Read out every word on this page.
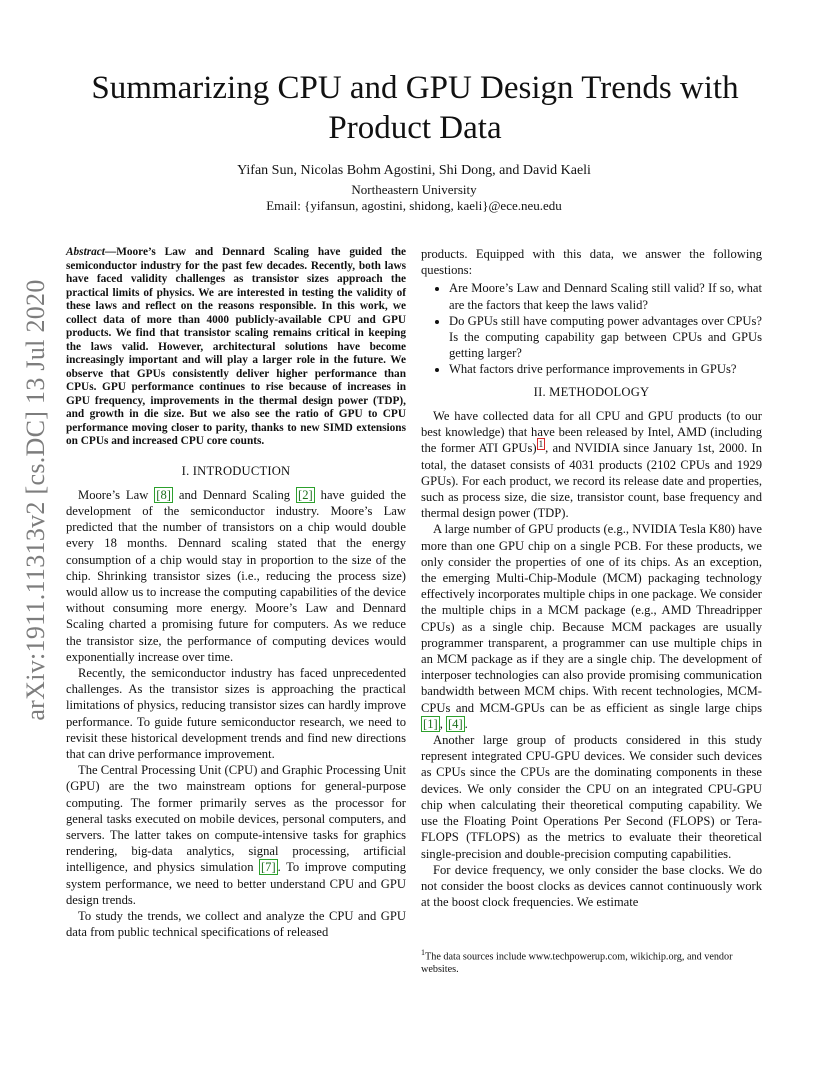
arXiv:1911.11313v2 [cs.DC] 13 Jul 2020
Summarizing CPU and GPU Design Trends with Product Data
Yifan Sun, Nicolas Bohm Agostini, Shi Dong, and David Kaeli
Northeastern University
Email: {yifansun, agostini, shidong, kaeli}@ece.neu.edu

Abstract—Moore’s Law and Dennard Scaling have guided the semiconductor industry for the past few decades. Recently, both laws have faced validity challenges as transistor sizes approach the practical limits of physics. We are interested in testing the validity of these laws and reflect on the reasons responsible. In this work, we collect data of more than 4000 publicly-available CPU and GPU products. We find that transistor scaling remains critical in keeping the laws valid. However, architectural solutions have become increasingly important and will play a larger role in the future. We observe that GPUs consistently deliver higher performance than CPUs. GPU performance continues to rise because of increases in GPU frequency, improvements in the thermal design power (TDP), and growth in die size. But we also see the ratio of GPU to CPU performance moving closer to parity, thanks to new SIMD extensions on CPUs and increased CPU core counts.

I. INTRODUCTION

Moore’s Law [8] and Dennard Scaling [2] have guided the development of the semiconductor industry. Moore’s Law predicted that the number of transistors on a chip would double every 18 months. Dennard scaling stated that the energy consumption of a chip would stay in proportion to the size of the chip. Shrinking transistor sizes (i.e., reducing the process size) would allow us to increase the computing capabilities of the device without consuming more energy. Moore’s Law and Dennard Scaling charted a promising future for computers. As we reduce the transistor size, the performance of computing devices would exponentially increase over time.

Recently, the semiconductor industry has faced unprecedented challenges. As the transistor sizes is approaching the practical limitations of physics, reducing transistor sizes can hardly improve performance. To guide future semiconductor research, we need to revisit these historical development trends and find new directions that can drive performance improvement.

The Central Processing Unit (CPU) and Graphic Processing Unit (GPU) are the two mainstream options for general-purpose computing. The former primarily serves as the processor for general tasks executed on mobile devices, personal computers, and servers. The latter takes on compute-intensive tasks for graphics rendering, big-data analytics, signal processing, artificial intelligence, and physics simulation [7] . To improve computing system performance, we need to better understand CPU and GPU design trends.

To study the trends, we collect and analyze the CPU and GPU data from public technical specifications of released

products. Equipped with this data, we answer the following questions:

• Are Moore’s Law and Dennard Scaling still valid? If so, what are the factors that keep the laws valid?
• Do GPUs still have computing power advantages over CPUs? Is the computing capability gap between CPUs and GPUs getting larger?
• What factors drive performance improvements in GPUs?
II. METHODOLOGY

We have collected data for all CPU and GPU products (to our best knowledge) that have been released by Intel, AMD (including the former ATI GPUs) $^1$ , and NVIDIA since January 1st, 2000. In total, the dataset consists of 4031 products (2102 CPUs and 1929 GPUs). For each product, we record its release date and properties, such as process size, die size, transistor count, base frequency and thermal design power (TDP).

A large number of GPU products (e.g., NVIDIA Tesla K80) have more than one GPU chip on a single PCB. For these products, we only consider the properties of one of its chips. As an exception, the emerging Multi-Chip-Module (MCM) packaging technology effectively incorporates multiple chips in one package. We consider the multiple chips in a MCM package (e.g., AMD Threadripper CPUs) as a single chip. Because MCM packages are usually programmer transparent, a programmer can use multiple chips in an MCM package as if they are a single chip. The development of interposer technologies can also provide promising communication bandwidth between MCM chips. With recent technologies, MCM-CPUs and MCM-GPUs can be as efficient as single large chips [1] , [4] .

Another large group of products considered in this study represent integrated CPU-GPU devices. We consider such devices as CPUs since the CPUs are the dominating components in these devices. We only consider the CPU on an integrated CPU-GPU chip when calculating their theoretical computing capability. We use the Floating Point Operations Per Second (FLOPS) or Tera-FLOPS (TFLOPS) as the metrics to evaluate their theoretical single-precision and double-precision computing capabilities.

For device frequency, we only consider the base clocks. We do not consider the boost clocks as devices cannot continuously work at the boost clock frequencies. We estimate

$^1$The data sources include www.techpowerup.com, wikichip.org, and vendor websites.
